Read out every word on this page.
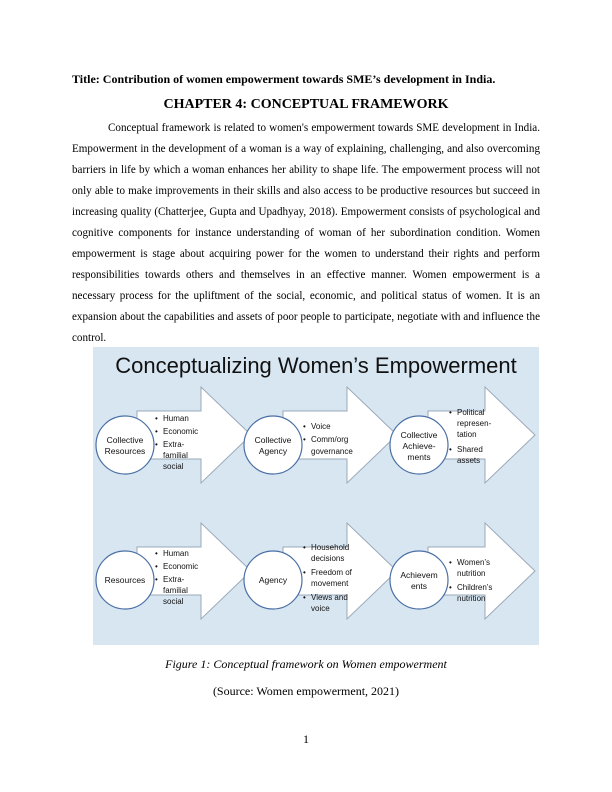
Title: Contribution of women empowerment towards SME’s development in India.
CHAPTER 4: CONCEPTUAL FRAMEWORK

Conceptual framework is related to women's empowerment towards SME development in India. Empowerment in the development of a woman is a way of explaining, challenging, and also overcoming barriers in life by which a woman enhances her ability to shape life. The empowerment process will not only able to make improvements in their skills and also access to be productive resources but succeed in increasing quality (Chatterjee, Gupta and Upadhyay, 2018). Empowerment consists of psychological and cognitive components for instance understanding of woman of her subordination condition. Women empowerment is stage about acquiring power for the women to understand their rights and perform responsibilities towards others and themselves in an effective manner. Women empowerment is a necessary process for the upliftment of the social, economic, and political status of women. It is an expansion about the capabilities and assets of poor people to participate, negotiate with and influence the control.

Conceptualizing Women’s Empowerment
Collective
Resources
Collective
Agency
Collective
Achieve-
ments
• Human
• Economic
• Extra-
familial
social
• Voice
• Comm/org
governance
• Political
represen-
tation
• Shared
assets
Resources	Agency	Achievem
ents
• Human
• Economic
• Extra-
familial
social
• Household
decisions
• Freedom of
movement
• Views and
voice
• Women’s
nutrition
• Children’s
nutrition
Figure 1: Conceptual framework on Women empowerment
(Source: Women empowerment, 2021)
1
